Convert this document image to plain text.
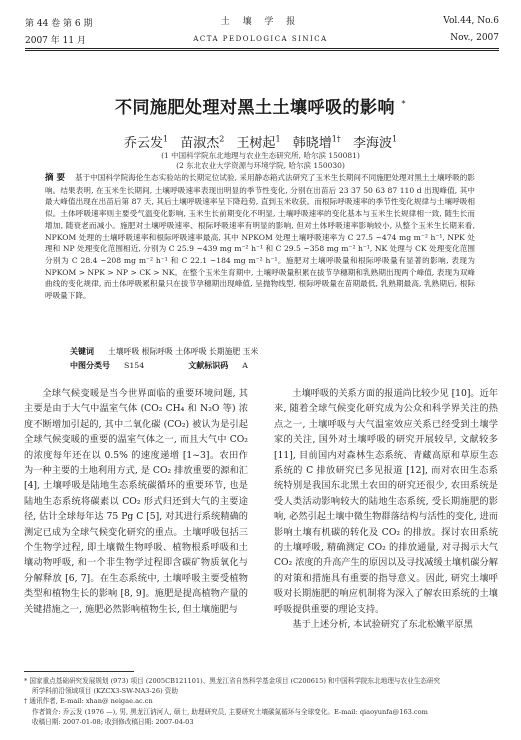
第 44 卷 第 6 期	土 壤 学 报	Vol.44, No.6
2007 年 11 月	ACTA PEDOLOGICA SINICA	Nov., 2007
不同施肥处理对黑土土壤呼吸的影响 *
乔云发$^1$ 苗淑杰$^2$ 王树起$^1$ 韩晓增$^{1\dagger}$ 李海波$^1$
(1 中国科学院东北地理与农业生态研究所, 哈尔滨 150081)
(2 东北农业大学资源与环境学院, 哈尔滨 150030)
摘 要 基于中国科学院海伦生态实验站的长期定位试验, 采用静态箱式法研究了玉米生长期间不同施肥处理对黑土土壤呼吸的影响。结果表明, 在玉米生长期间, 土壤呼吸速率表现出明显的季节性变化, 分别在出苗后 23 37 50 63 87 110 d 出现峰值, 其中最大峰值出现在出苗后第 87 天, 其后土壤呼吸速率呈下降趋势, 直到玉米收获。而根际呼吸速率的季节性变化规律与土壤呼吸相似。土体呼吸速率则主要受气温变化影响, 玉米生长前期变化不明显, 土壤呼吸速率的变化基本与玉米生长规律相一致, 随生长而增加, 随衰老而减小。施肥对土壤呼吸速率、根际呼吸速率有明显的影响, 但对土体呼吸速率影响较小, 从整个玉米生长期来看, NPKOM 处理的土壤呼吸速率和根际呼吸速率最高, 其中 NPKOM 处理土壤呼吸速率为 C 27.5 ~474 mg m⁻² h⁻¹, NPK 处理和 NP 处理变化范围相近, 分别为 C 25.9 ~439 mg m⁻² h⁻¹ 和 C 29.5 ~358 mg m⁻² h⁻¹, NK 处理与 CK 处理变化范围分别为 C 28.4 ~208 mg m⁻² h⁻¹ 和 C 22.1 ~184 mg m⁻² h⁻¹。施肥对土壤呼吸量和根际呼吸量有显著的影响, 表现为 NPKOM > NPK > NP > CK > NK。在整个玉米生育期中, 土壤呼吸量积累在拔节孕穗期和乳熟期出现两个峰值, 表现为双峰曲线的变化规律, 而土体呼吸累积量只在拔节孕穗期出现峰值, 呈抛物线型, 根际呼吸量在苗期最低, 乳熟期最高, 乳熟期后, 根际呼吸量下降。
关键词 土壤呼吸 根际呼吸 土体呼吸 长期施肥 玉米
中图分类号 S154	文献标识码 A

全球气候变暖是当今世界面临的重要环境问题, 其主要是由于大气中温室气体 (CO₂ CH₄ 和 N₂O 等) 浓度不断增加引起的, 其中二氧化碳 (CO₂) 被认为是引起全球气候变暖的重要的温室气体之一, 而且大气中 CO₂ 的浓度每年还在以 0.5% 的速度递增 [1~3]。农田作为一种主要的土地利用方式, 是 CO₂ 排放重要的源和汇 [4], 土壤呼吸是陆地生态系统碳循环的重要环节, 也是陆地生态系统将碳素以 CO₂ 形式归还到大气的主要途径, 估计全球每年达 75 Pg C [5], 对其进行系统精确的测定已成为全球气候变化研究的重点。土壤呼吸包括三个生物学过程, 即土壤微生物呼吸、植物根系呼吸和土壤动物呼吸, 和一个非生物学过程即含碳矿物质氧化与分解释放 [6, 7]。在生态系统中, 土壤呼吸主要受植物类型和植物生长的影响 [8, 9]。施肥是提高植物产量的关键措施之一, 施肥必然影响植物生长, 但土壤施肥与

土壤呼吸的关系方面的报道尚比较少见 [10]。近年来, 随着全球气候变化研究成为公众和科学界关注的热点之一, 土壤呼吸与大气温室效应关系已经受到土壤学家的关注, 国外对土壤呼吸的研究开展较早, 文献较多 [11], 目前国内对森林生态系统、青藏高原和草原生态系统的 C 排放研究已多见报道 [12], 而对农田生态系统特别是我国东北黑土农田的研究还很少, 农田系统是受人类活动影响较大的陆地生态系统, 受长期施肥的影响, 必然引起土壤中微生物群落结构与活性的变化, 进而影响土壤有机碳的转化及 CO₂ 的排放。探讨农田系统的土壤呼吸, 精确测定 CO₂ 的排放通量, 对寻揭示大气 CO₂ 浓度的升高产生的原因以及寻找减缓土壤机碳分解的对策和措施具有重要的指导意义。因此, 研究土壤呼吸对长期施肥的响应机制将为深入了解农田系统的土壤呼吸提供重要的理论支持。

基于上述分析, 本试验研究了东北松嫩平原黑

* 国家重点基础研究发展规划 (973) 项目 (2005CB121101)、黑龙江省自然科学基金项目 (C200615) 和中国科学院东北地理与农业生态研究
所学科前沿领域项目 (KZCX3-SW-NA3-26) 资助
† 通讯作者, E-mail: xhan@ neigae.ac.cn
作者简介: 乔云发 (1976 —), 男, 黑龙江讷河人, 硕士, 助理研究员, 主要研究土壤碳氮循环与全球变化。E-mail: qiaoyunfa@163.com
收稿日期: 2007-01-08; 收到修改稿日期: 2007-04-03
